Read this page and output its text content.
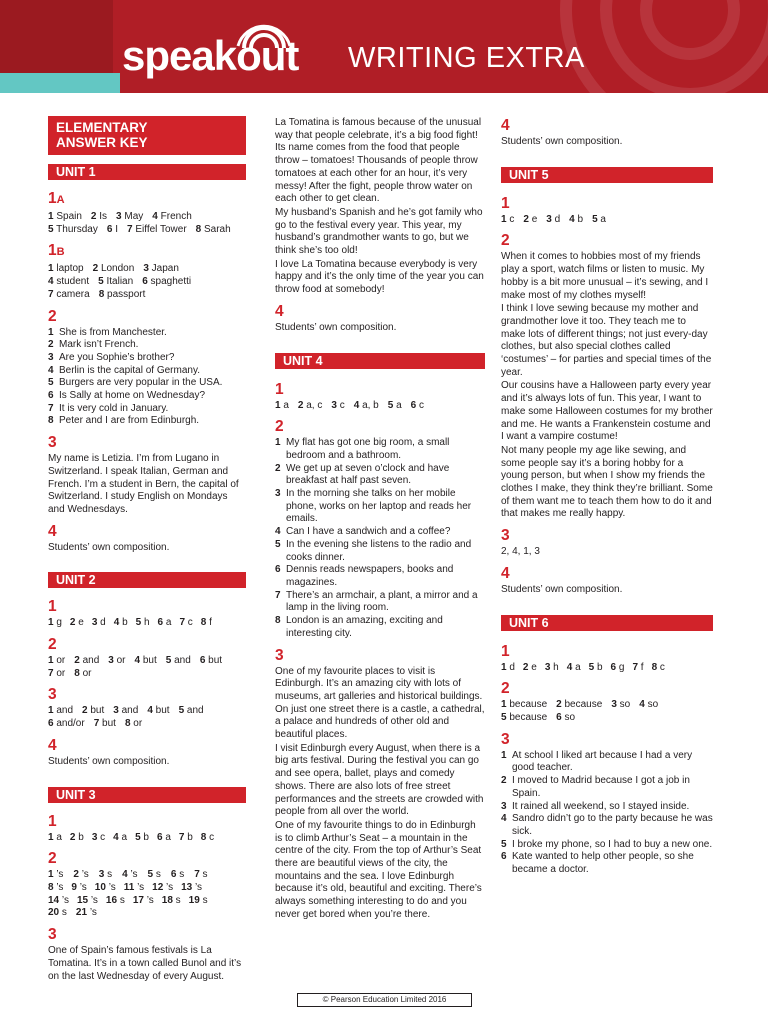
speakout WRITING EXTRA
ELEMENTARY
ANSWER KEY
UNIT 1
1A
1 Spain 2 Is 3 May 4 French
5 Thursday 6 I 7 Eiffel Tower 8 Sarah
1B
1 laptop 2 London 3 Japan
4 student 5 Italian 6 spaghetti
7 camera 8 passport
2
1 She is from Manchester.
2 Mark isn’t French.
3 Are you Sophie’s brother?
4 Berlin is the capital of Germany.
5 Burgers are very popular in the USA.
6 Is Sally at home on Wednesday?
7 It is very cold in January.
8 Peter and I are from Edinburgh.
3
My name is Letizia. I’m from Lugano in Switzerland. I speak Italian, German and French. I’m a student in Bern, the capital of Switzerland. I study English on Mondays and Wednesdays.
4
Students’ own composition.
UNIT 2
1
1 g 2 e 3 d 4 b 5 h 6 a 7 c 8 f
2
1 or 2 and 3 or 4 but 5 and 6 but
7 or 8 or
3
1 and 2 but 3 and 4 but 5 and
6 and/or 7 but 8 or
4
Students’ own composition.
UNIT 3
1
1 a 2 b 3 c 4 a 5 b 6 a 7 b 8 c
2
1 ’s 2 ’s 3 s 4 ’s 5 s 6 s 7 s
8 ’s 9 ’s 10 ’s 11 ’s 12 ’s 13 ’s
14 ’s 15 ’s 16 s 17 ’s 18 s 19 s
20 s 21 ’s
3
One of Spain’s famous festivals is La Tomatina. It’s in a town called Bunol and it’s on the last Wednesday of every August.
La Tomatina is famous because of the unusual way that people celebrate, it’s a big food fight! Its name comes from the food that people throw – tomatoes! Thousands of people throw tomatoes at each other for an hour, it’s very messy! After the fight, people throw water on each other to get clean.
My husband’s Spanish and he’s got family who go to the festival every year. This year, my husband’s grandmother wants to go, but we think she’s too old!
I love La Tomatina because everybody is very happy and it’s the only time of the year you can throw food at somebody!
4
Students’ own composition.
UNIT 4
1
1 a 2 a, c 3 c 4 a, b 5 a 6 c
2
1 My flat has got one big room, a small bedroom and a bathroom.
2 We get up at seven o’clock and have breakfast at half past seven.
3 In the morning she talks on her mobile phone, works on her laptop and reads her emails.
4 Can I have a sandwich and a coffee?
5 In the evening she listens to the radio and cooks dinner.
6 Dennis reads newspapers, books and magazines.
7 There’s an armchair, a plant, a mirror and a lamp in the living room.
8 London is an amazing, exciting and interesting city.
3
One of my favourite places to visit is Edinburgh. It’s an amazing city with lots of museums, art galleries and historical buildings. On just one street there is a castle, a cathedral, a palace and hundreds of other old and beautiful places.
I visit Edinburgh every August, when there is a big arts festival. During the festival you can go and see opera, ballet, plays and comedy shows. There are also lots of free street performances and the streets are crowded with people from all over the world.
One of my favourite things to do in Edinburgh is to climb Arthur’s Seat – a mountain in the centre of the city. From the top of Arthur’s Seat there are beautiful views of the city, the mountains and the sea. I love Edinburgh because it’s old, beautiful and exciting. There’s always something interesting to do and you never get bored when you’re there.
4
Students’ own composition.
UNIT 5
1
1 c 2 e 3 d 4 b 5 a
2
When it comes to hobbies most of my friends play a sport, watch films or listen to music. My hobby is a bit more unusual – it’s sewing, and I make most of my clothes myself!
I think I love sewing because my mother and grandmother love it too. They teach me to make lots of different things; not just every-day clothes, but also special clothes called ‘costumes’ – for parties and special times of the year.
Our cousins have a Halloween party every year and it’s always lots of fun. This year, I want to make some Halloween costumes for my brother and me. He wants a Frankenstein costume and I want a vampire costume!
Not many people my age like sewing, and some people say it’s a boring hobby for a young person, but when I show my friends the clothes I make, they think they’re brilliant. Some of them want me to teach them how to do it and that makes me really happy.
3
2, 4, 1, 3
4
Students’ own composition.
UNIT 6
1
1 d 2 e 3 h 4 a 5 b 6 g 7 f 8 c
2
1 because 2 because 3 so 4 so
5 because 6 so
3
1 At school I liked art because I had a very good teacher.
2 I moved to Madrid because I got a job in Spain.
3 It rained all weekend, so I stayed inside.
4 Sandro didn’t go to the party because he was sick.
5 I broke my phone, so I had to buy a new one.
6 Kate wanted to help other people, so she became a doctor.
© Pearson Education Limited 2016
